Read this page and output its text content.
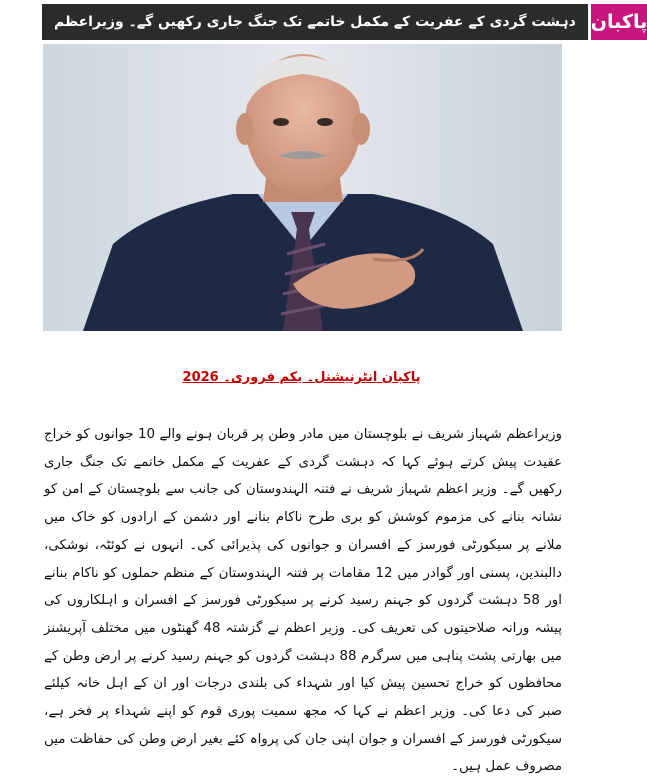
دہشت گردی کے عفریت کے مکمل خاتمے تک جنگ جاری رکھیں گے۔ وزیراعظم پاکبان
پاکبان انٹرنیشنل۔ یکم فروری۔ 2026

وزیراعظم شہباز شریف نے بلوچستان میں مادر وطن پر قربان ہونے والے 10 جوانوں کو خراج عقیدت پیش کرتے ہوئے کہا کہ دہشت گردی کے عفریت کے مکمل خاتمے تک جنگ جاری رکھیں گے۔ وزیر اعظم شہباز شریف نے فتنہ الہندوستان کی جانب سے بلوچستان کے امن کو نشانہ بنانے کی مزموم کوشش کو بری طرح ناکام بنانے اور دشمن کے ارادوں کو خاک میں ملانے پر سیکورٹی فورسز کے افسران و جوانوں کی پذیرائی کی۔ انہوں نے کوئٹہ، نوشکی، دالبندین، پسنی اور گوادر میں 12 مقامات پر فتنہ الہندوستان کے منظم حملوں کو ناکام بنانے اور 58 دہشت گردوں کو جہنم رسید کرنے پر سیکورٹی فورسز کے افسران و اہلکاروں کی پیشہ ورانہ صلاحیتوں کی تعریف کی۔ وزیر اعظم نے گزشتہ 48 گھنٹوں میں مختلف آپریشنز میں بھارتی پشت پناہی میں سرگرم 88 دہشت گردوں کو جہنم رسید کرنے پر ارض وطن کے محافظوں کو خراج تحسین پیش کیا اور شہداء کی بلندی درجات اور ان کے اہل خانہ کیلئے صبر کی دعا کی۔ وزیر اعظم نے کہا کہ مجھ سمیت پوری قوم کو اپنے شہداء پر فخر ہے، سیکورٹی فورسز کے افسران و جوان اپنی جان کی پرواہ کئے بغیر ارض وطن کی حفاظت میں مصروف عمل ہیں۔
